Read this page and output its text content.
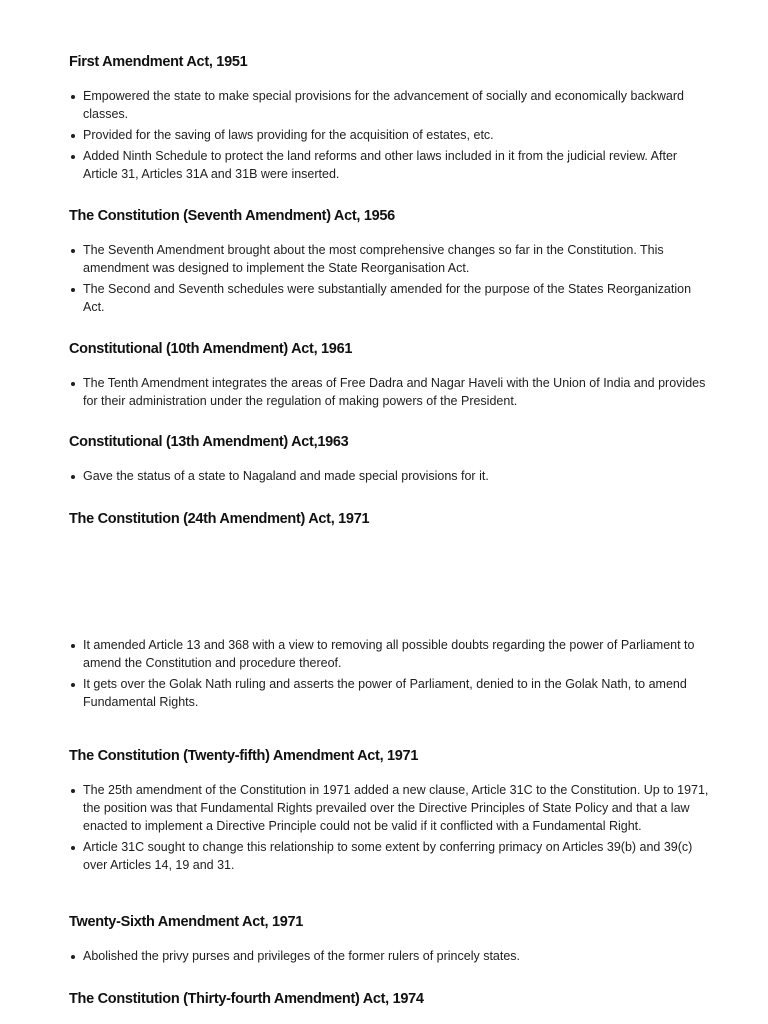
First Amendment Act, 1951
Empowered the state to make special provisions for the advancement of socially and economically backward classes.
Provided for the saving of laws providing for the acquisition of estates, etc.
Added Ninth Schedule to protect the land reforms and other laws included in it from the judicial review. After Article 31, Articles 31A and 31B were inserted.
The Constitution (Seventh Amendment) Act, 1956
The Seventh Amendment brought about the most comprehensive changes so far in the Constitution. This amendment was designed to implement the State Reorganisation Act.
The Second and Seventh schedules were substantially amended for the purpose of the States Reorganization Act.
Constitutional (10th Amendment) Act, 1961
The Tenth Amendment integrates the areas of Free Dadra and Nagar Haveli with the Union of India and provides for their administration under the regulation of making powers of the President.
Constitutional (13th Amendment) Act,1963
Gave the status of a state to Nagaland and made special provisions for it.
The Constitution (24th Amendment) Act, 1971
It amended Article 13 and 368 with a view to removing all possible doubts regarding the power of Parliament to amend the Constitution and procedure thereof.
It gets over the Golak Nath ruling and asserts the power of Parliament, denied to in the Golak Nath, to amend Fundamental Rights.
The Constitution (Twenty-fifth) Amendment Act, 1971
The 25th amendment of the Constitution in 1971 added a new clause, Article 31C to the Constitution. Up to 1971, the position was that Fundamental Rights prevailed over the Directive Principles of State Policy and that a law enacted to implement a Directive Principle could not be valid if it conflicted with a Fundamental Right.
Article 31C sought to change this relationship to some extent by conferring primacy on Articles 39(b) and 39(c) over Articles 14, 19 and 31.
Twenty-Sixth Amendment Act, 1971
Abolished the privy purses and privileges of the former rulers of princely states.
The Constitution (Thirty-fourth Amendment) Act, 1974
